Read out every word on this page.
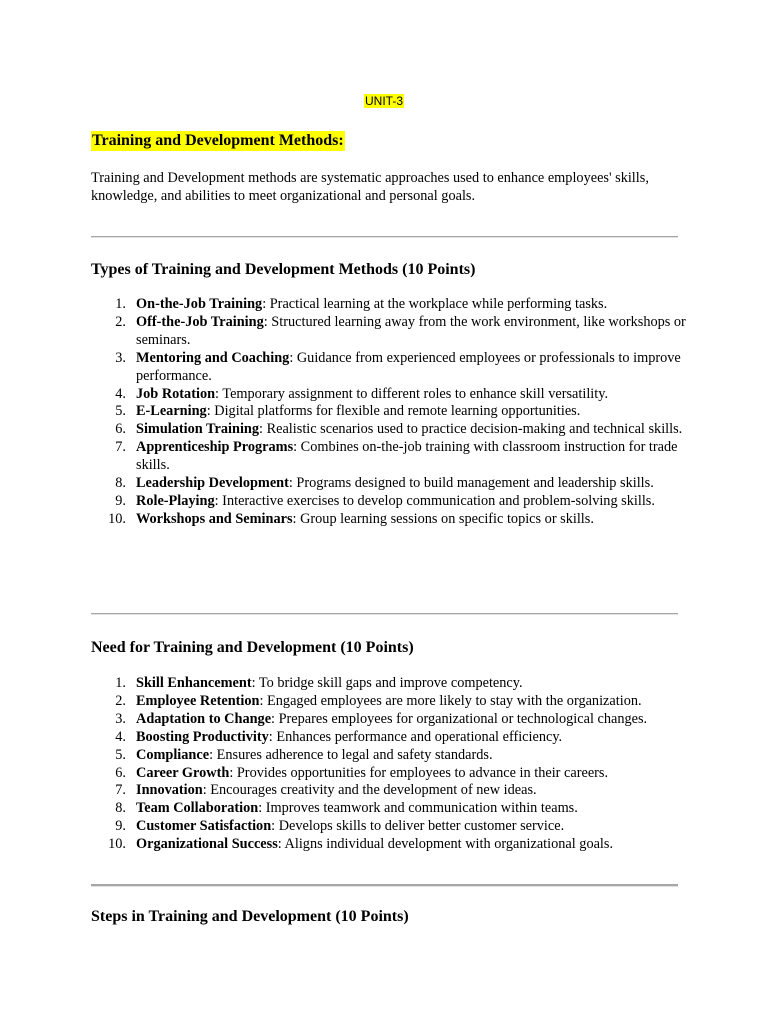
UNIT-3
Training and Development Methods:
Training and Development methods are systematic approaches used to enhance employees' skills, knowledge, and abilities to meet organizational and personal goals.
Types of Training and Development Methods (10 Points)
1. On-the-Job Training: Practical learning at the workplace while performing tasks.
2. Off-the-Job Training: Structured learning away from the work environment, like workshops or seminars.
3. Mentoring and Coaching: Guidance from experienced employees or professionals to improve performance.
4. Job Rotation: Temporary assignment to different roles to enhance skill versatility.
5. E-Learning: Digital platforms for flexible and remote learning opportunities.
6. Simulation Training: Realistic scenarios used to practice decision-making and technical skills.
7. Apprenticeship Programs: Combines on-the-job training with classroom instruction for trade skills.
8. Leadership Development: Programs designed to build management and leadership skills.
9. Role-Playing: Interactive exercises to develop communication and problem-solving skills.
10. Workshops and Seminars: Group learning sessions on specific topics or skills.
Need for Training and Development (10 Points)
1. Skill Enhancement: To bridge skill gaps and improve competency.
2. Employee Retention: Engaged employees are more likely to stay with the organization.
3. Adaptation to Change: Prepares employees for organizational or technological changes.
4. Boosting Productivity: Enhances performance and operational efficiency.
5. Compliance: Ensures adherence to legal and safety standards.
6. Career Growth: Provides opportunities for employees to advance in their careers.
7. Innovation: Encourages creativity and the development of new ideas.
8. Team Collaboration: Improves teamwork and communication within teams.
9. Customer Satisfaction: Develops skills to deliver better customer service.
10. Organizational Success: Aligns individual development with organizational goals.
Steps in Training and Development (10 Points)
